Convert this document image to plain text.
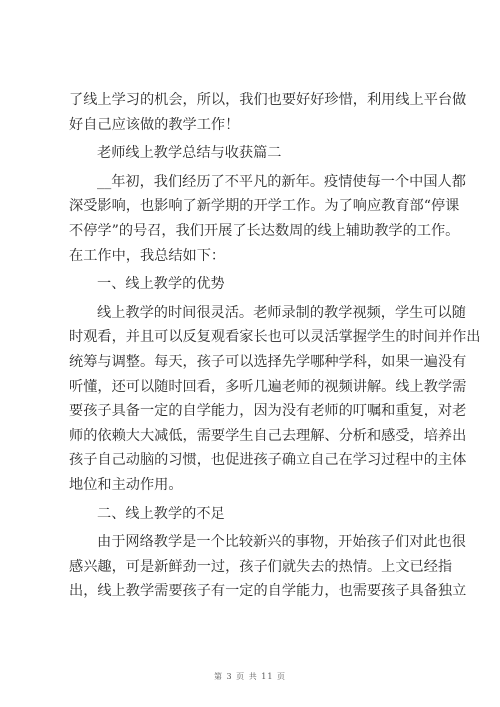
了线上学习的机会，所以，我们也要好好珍惜，利用线上平台做
好自己应该做的教学工作！
老师线上教学总结与收获篇二
__年初，我们经历了不平凡的新年。疫情使每一个中国人都
深受影响，也影响了新学期的开学工作。为了响应教育部“停课
不停学”的号召，我们开展了长达数周的线上辅助教学的工作。
在工作中，我总结如下：
一、线上教学的优势
线上教学的时间很灵活。老师录制的教学视频，学生可以随
时观看，并且可以反复观看家长也可以灵活掌握学生的时间并作出
统筹与调整。每天，孩子可以选择先学哪种学科，如果一遍没有
听懂，还可以随时回看，多听几遍老师的视频讲解。线上教学需
要孩子具备一定的自学能力，因为没有老师的叮嘱和重复，对老
师的依赖大大减低，需要学生自己去理解、分析和感受，培养出
孩子自己动脑的习惯，也促进孩子确立自己在学习过程中的主体
地位和主动作用。
二、线上教学的不足
由于网络教学是一个比较新兴的事物，开始孩子们对此也很
感兴趣，可是新鲜劲一过，孩子们就失去的热情。上文已经指
出，线上教学需要孩子有一定的自学能力，也需要孩子具备独立
第 3 页 共 11 页
